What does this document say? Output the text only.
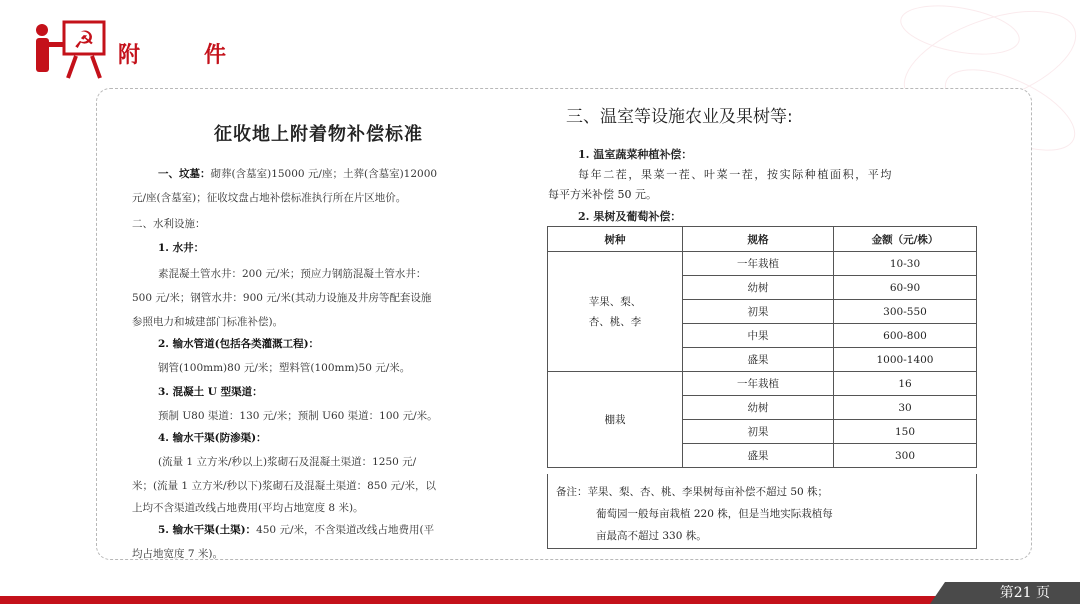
☭
附	件
征收地上附着物补偿标准
一、坟墓：砌葬(含墓室)15000 元/座；土葬(含墓室)12000
元/座(含墓室)；征收坟盘占地补偿标准执行所在片区地价。
二、水利设施：
1. 水井：
素混凝土管水井：200 元/米；预应力钢筋混凝土管水井：
500 元/米；钢管水井：900 元/米(其动力设施及井房等配套设施
参照电力和城建部门标准补偿)。
2. 输水管道(包括各类灌溉工程)：
钢管(100mm)80 元/米；塑料管(100mm)50 元/米。
3. 混凝土 U 型渠道：
预制 U80 渠道：130 元/米；预制 U60 渠道：100 元/米。
4. 输水干渠(防渗渠)：
(流量 1 立方米/秒以上)浆砌石及混凝土渠道：1250 元/
米；(流量 1 立方米/秒以下)浆砌石及混凝土渠道：850 元/米，以
上均不含渠道改线占地费用(平均占地宽度 8 米)。
5. 输水干渠(土渠)：450 元/米，不含渠道改线占地费用(平
均占地宽度 7 米)。
三、温室等设施农业及果树等:
1. 温室蔬菜种植补偿：
每年二茬，果菜一茬、叶菜一茬，按实际种植面积，平均
每平方米补偿 50 元。
2. 果树及葡萄补偿：
树种	规格	金额（元/株）
苹果、梨、
杏、桃、李	一年栽植	10-30
	幼树	60-90
	初果	300-550
	中果	600-800
	盛果	1000-1400
棚栽	一年栽植	16
	幼树	30
	初果	150
	盛果	300
备注：苹果、梨、杏、桃、李果树每亩补偿不超过 50 株；
葡萄园一般每亩栽植 220 株，但是当地实际栽植每
亩最高不超过 330 株。
第21 页
